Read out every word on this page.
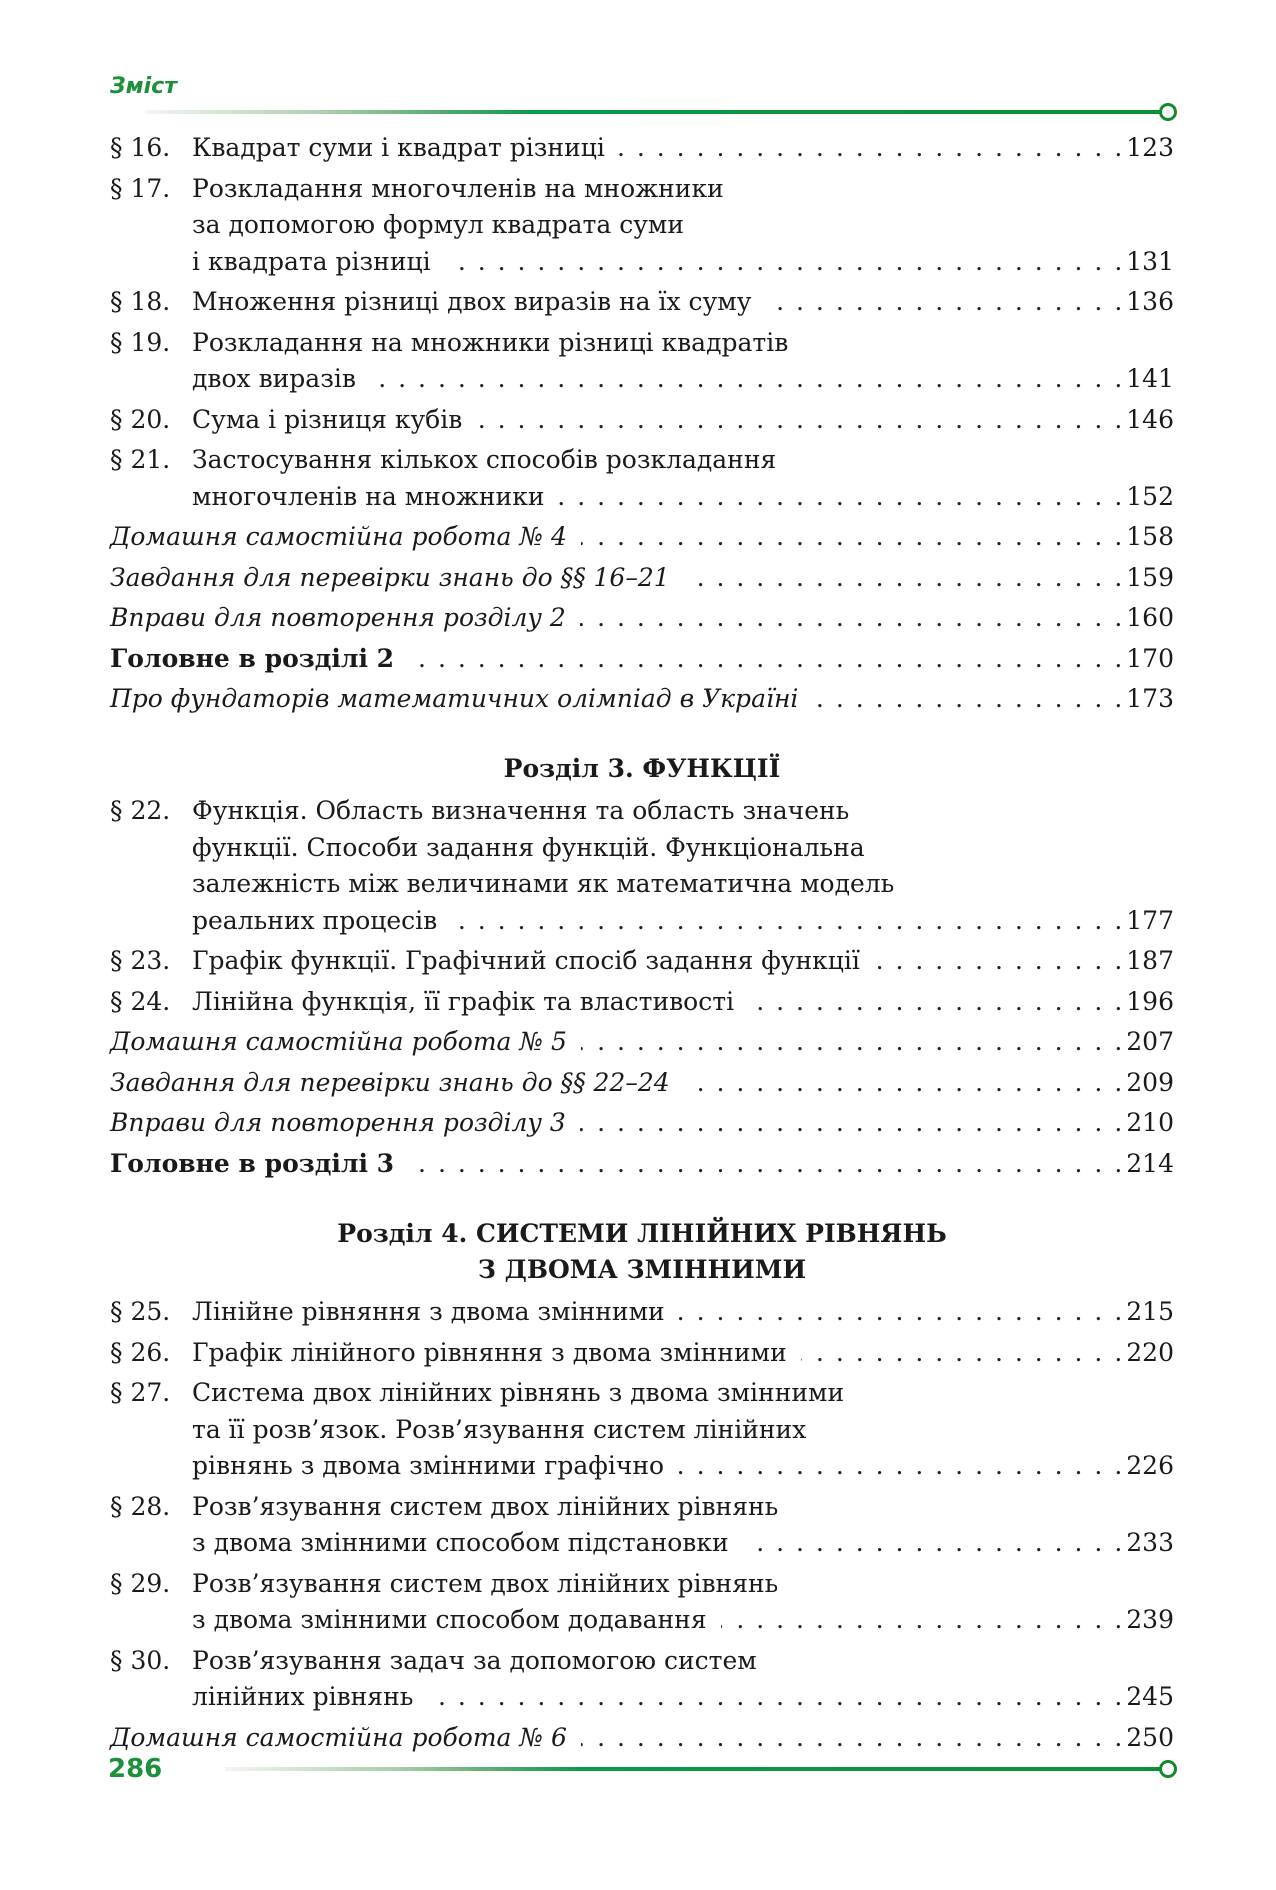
Зміст
§ 16. Квадрат суми і квадрат різниці . . .	123
§ 17. Розкладання многочленів на множники
за допомогою формул квадрата суми
і квадрата різниці . . .	131
§ 18. Множення різниці двох виразів на їх суму . . .	136
§ 19. Розкладання на множники різниці квадратів
двох виразів . . .	141
§ 20. Сума і різниця кубів . . .	146
§ 21. Застосування кількох способів розкладання
многочленів на множники . . .	152
Домашня самостійна робота № 4 . . .	158
Завдання для перевірки знань до §§ 16–21 . . .	159
Вправи для повторення розділу 2 . . .	160
Головне в розділі 2 . . .	170
Про фундаторів математичних олімпіад в Україні . . .	173
Розділ 3. ФУНКЦІЇ
§ 22. Функція. Область визначення та область значень
функції. Способи задання функцій. Функціональна
залежність між величинами як математична модель
реальних процесів . . .	177
§ 23. Графік функції. Графічний спосіб задання функції . . .	187
§ 24. Лінійна функція, її графік та властивості . . .	196
Домашня самостійна робота № 5 . . .	207
Завдання для перевірки знань до §§ 22–24 . . .	209
Вправи для повторення розділу 3 . . .	210
Головне в розділі 3 . . .	214
Розділ 4. СИСТЕМИ ЛІНІЙНИХ РІВНЯНЬ
З ДВОМА ЗМІННИМИ
§ 25. Лінійне рівняння з двома змінними . . .	215
§ 26. Графік лінійного рівняння з двома змінними . . .	220
§ 27. Система двох лінійних рівнянь з двома змінними
та її розв’язок. Розв’язування систем лінійних
рівнянь з двома змінними графічно . . .	226
§ 28. Розв’язування систем двох лінійних рівнянь
з двома змінними способом підстановки . . .	233
§ 29. Розв’язування систем двох лінійних рівнянь
з двома змінними способом додавання . . .	239
§ 30. Розв’язування задач за допомогою систем
лінійних рівнянь . . .	245
Домашня самостійна робота № 6 . . .	250
286
